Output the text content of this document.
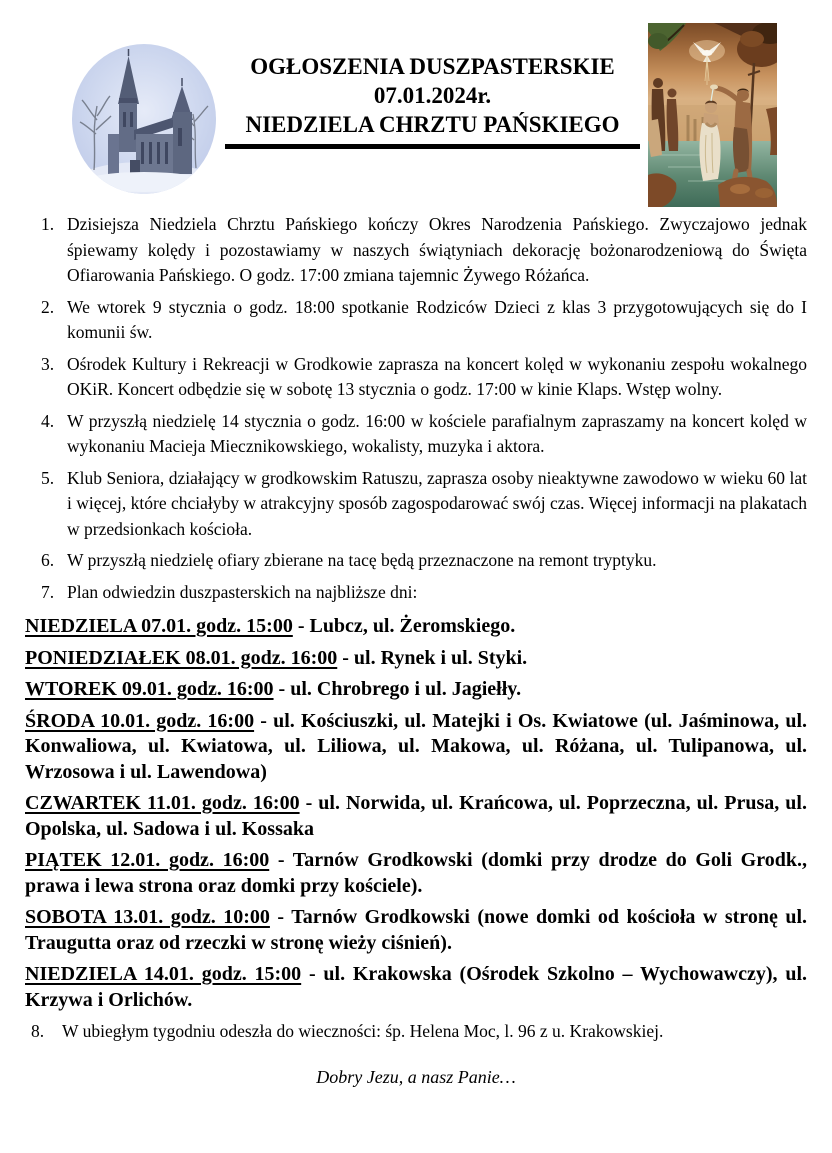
OGŁOSZENIA DUSZPASTERSKIE
07.01.2024r.
NIEDZIELA CHRZTU PAŃSKIEGO
1. Dzisiejsza Niedziela Chrztu Pańskiego kończy Okres Narodzenia Pańskiego. Zwyczajowo jednak śpiewamy kolędy i pozostawiamy w naszych świątyniach dekorację bożonarodzeniową do Święta Ofiarowania Pańskiego. O godz. 17:00 zmiana tajemnic Żywego Różańca.
2. We wtorek 9 stycznia o godz. 18:00 spotkanie Rodziców Dzieci z klas 3 przygotowujących się do I komunii św.
3. Ośrodek Kultury i Rekreacji w Grodkowie zaprasza na koncert kolęd w wykonaniu zespołu wokalnego OKiR. Koncert odbędzie się w sobotę 13 stycznia o godz. 17:00 w kinie Klaps. Wstęp wolny.
4. W przyszłą niedzielę 14 stycznia o godz. 16:00 w kościele parafialnym zapraszamy na koncert kolęd w wykonaniu Macieja Miecznikowskiego, wokalisty, muzyka i aktora.
5. Klub Seniora, działający w grodkowskim Ratuszu, zaprasza osoby nieaktywne zawodowo w wieku 60 lat i więcej, które chciałyby w atrakcyjny sposób zagospodarować swój czas. Więcej informacji na plakatach w przedsionkach kościoła.
6. W przyszłą niedzielę ofiary zbierane na tacę będą przeznaczone na remont tryptyku.
7. Plan odwiedzin duszpasterskich na najbliższe dni:
NIEDZIELA 07.01. godz. 15:00 - Lubcz, ul. Żeromskiego.
PONIEDZIAŁEK 08.01. godz. 16:00 - ul. Rynek i ul. Styki.
WTOREK 09.01. godz. 16:00 - ul. Chrobrego i ul. Jagiełły.
ŚRODA 10.01. godz. 16:00 - ul. Kościuszki, ul. Matejki i Os. Kwiatowe (ul. Jaśminowa, ul. Konwaliowa, ul. Kwiatowa, ul. Liliowa, ul. Makowa, ul. Różana, ul. Tulipanowa, ul. Wrzosowa i ul. Lawendowa)
CZWARTEK 11.01. godz. 16:00 - ul. Norwida, ul. Krańcowa, ul. Poprzeczna, ul. Prusa, ul. Opolska, ul. Sadowa i ul. Kossaka
PIĄTEK 12.01. godz. 16:00 - Tarnów Grodkowski (domki przy drodze do Goli Grodk., prawa i lewa strona oraz domki przy kościele).
SOBOTA 13.01. godz. 10:00 - Tarnów Grodkowski (nowe domki od kościoła w stronę ul. Traugutta oraz od rzeczki w stronę wieży ciśnień).
NIEDZIELA 14.01. godz. 15:00 - ul. Krakowska (Ośrodek Szkolno – Wychowawczy), ul. Krzywa i Orlichów.
8. W ubiegłym tygodniu odeszła do wieczności: śp. Helena Moc, l. 96 z u. Krakowskiej.
Dobry Jezu, a nasz Panie…
